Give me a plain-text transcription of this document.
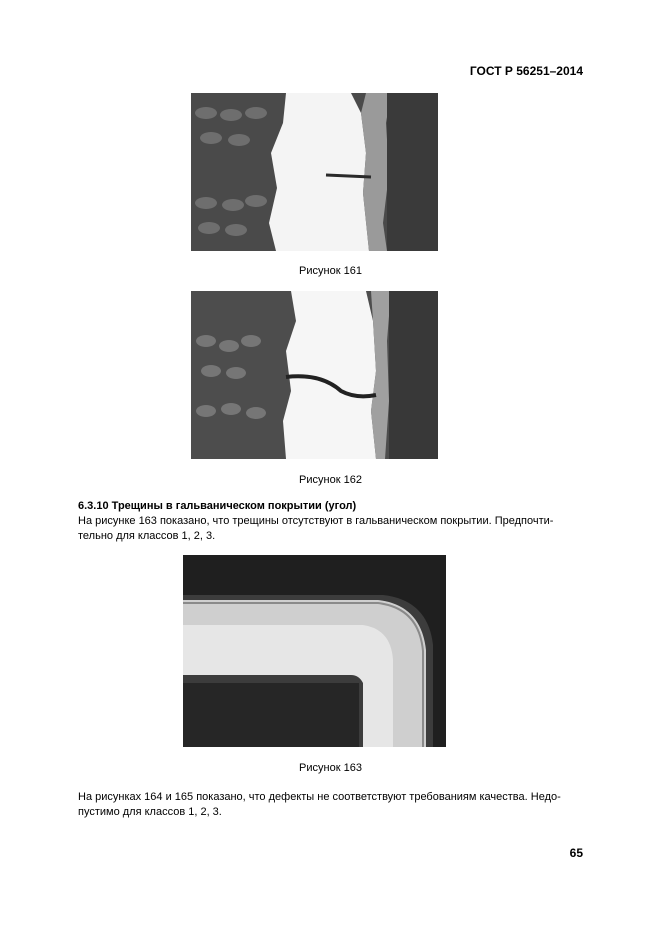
ГОСТ Р 56251–2014
Рисунок 161
Рисунок 162
6.3.10 Трещины в гальваническом покрытии (угол)
На рисунке 163 показано, что трещины отсутствуют в гальваническом покрытии. Предпочти-
тельно для классов 1, 2, 3.
Рисунок 163
На рисунках 164 и 165 показано, что дефекты не соответствуют требованиям качества. Недо-
пустимо для классов 1, 2, 3.
65
